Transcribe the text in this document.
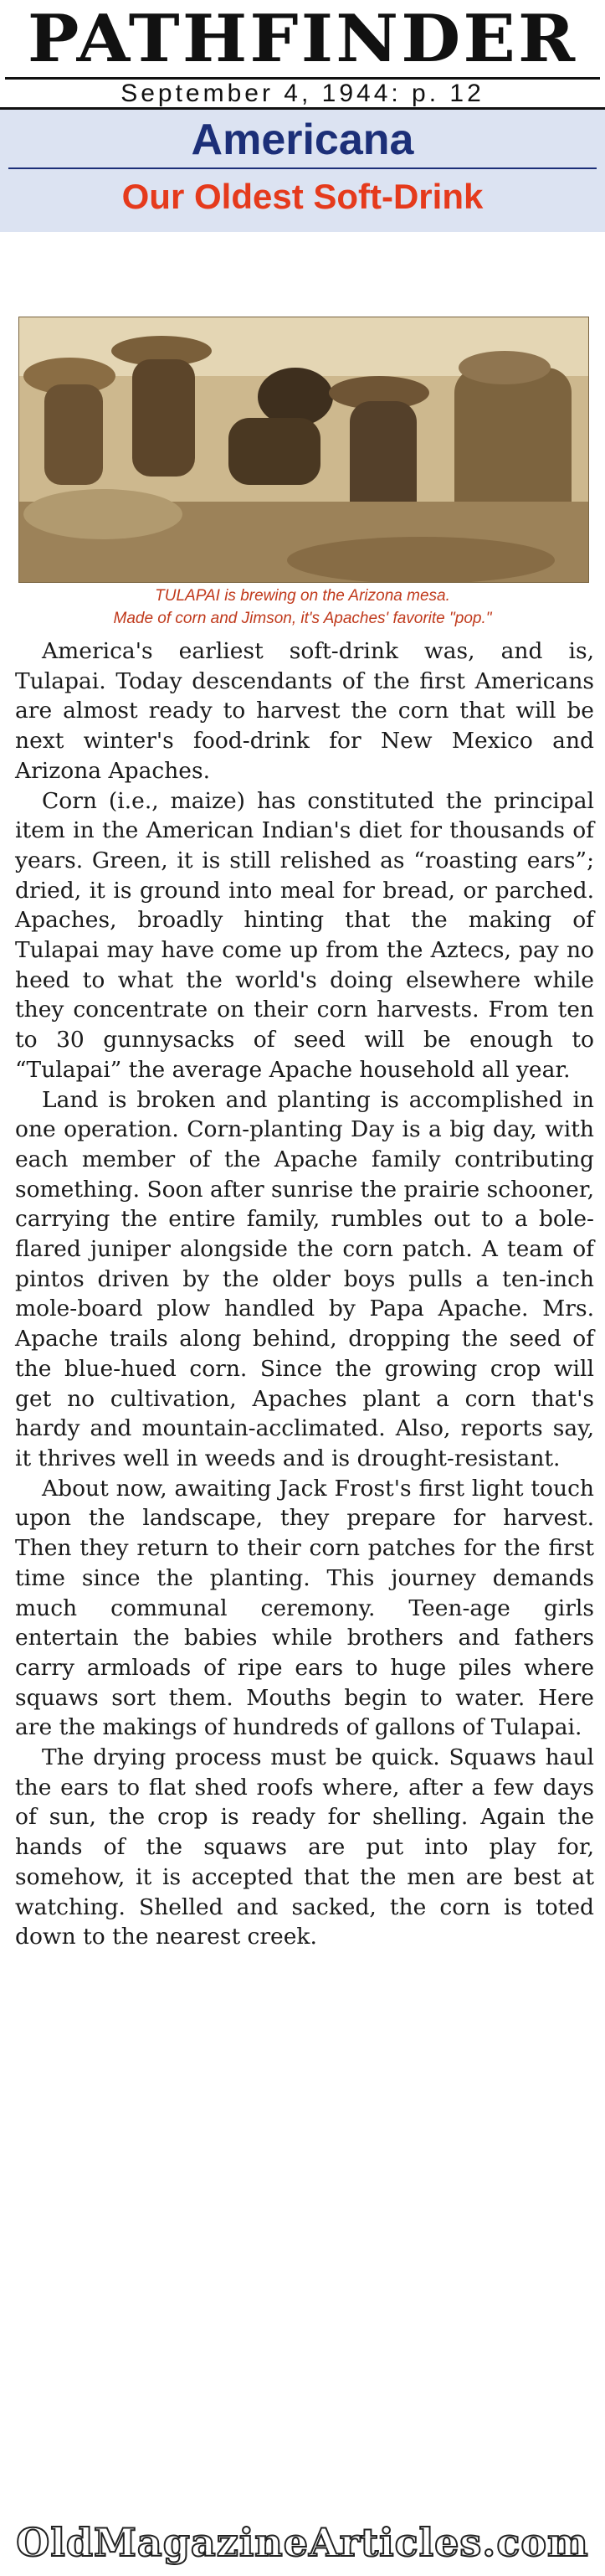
PATHFINDER
September 4, 1944: p. 12
Americana
Our Oldest Soft-Drink
TULAPAI is brewing on the Arizona mesa.
Made of corn and Jimson, it's Apaches' favorite "pop."

America's earliest soft-drink was, and is, Tulapai. Today descendants of the first Americans are almost ready to harvest the corn that will be next winter's food-drink for New Mexico and Arizona Apaches.

Corn (i.e., maize) has constituted the principal item in the American Indian's diet for thousands of years. Green, it is still relished as “roasting ears”; dried, it is ground into meal for bread, or parched. Apaches, broadly hinting that the making of Tulapai may have come up from the Aztecs, pay no heed to what the world's doing elsewhere while they concentrate on their corn harvests. From ten to 30 gunnysacks of seed will be enough to “Tulapai” the average Apache household all year.

Land is broken and planting is accomplished in one operation. Corn-planting Day is a big day, with each member of the Apache family contributing something. Soon after sunrise the prairie schooner, carrying the entire family, rumbles out to a bole-flared juniper alongside the corn patch. A team of pintos driven by the older boys pulls a ten-inch mole-board plow handled by Papa Apache. Mrs. Apache trails along behind, dropping the seed of the blue-hued corn. Since the growing crop will get no cultivation, Apaches plant a corn that's hardy and mountain-acclimated. Also, reports say, it thrives well in weeds and is drought-resistant.

About now, awaiting Jack Frost's first light touch upon the landscape, they prepare for harvest. Then they return to their corn patches for the first time since the planting. This journey demands much communal ceremony. Teen-age girls entertain the babies while brothers and fathers carry armloads of ripe ears to huge piles where squaws sort them. Mouths begin to water. Here are the makings of hundreds of gallons of Tulapai.

The drying process must be quick. Squaws haul the ears to flat shed roofs where, after a few days of sun, the crop is ready for shelling. Again the hands of the squaws are put into play for, somehow, it is accepted that the men are best at watching. Shelled and sacked, the corn is toted down to the nearest creek.

OldMagazineArticles.com
